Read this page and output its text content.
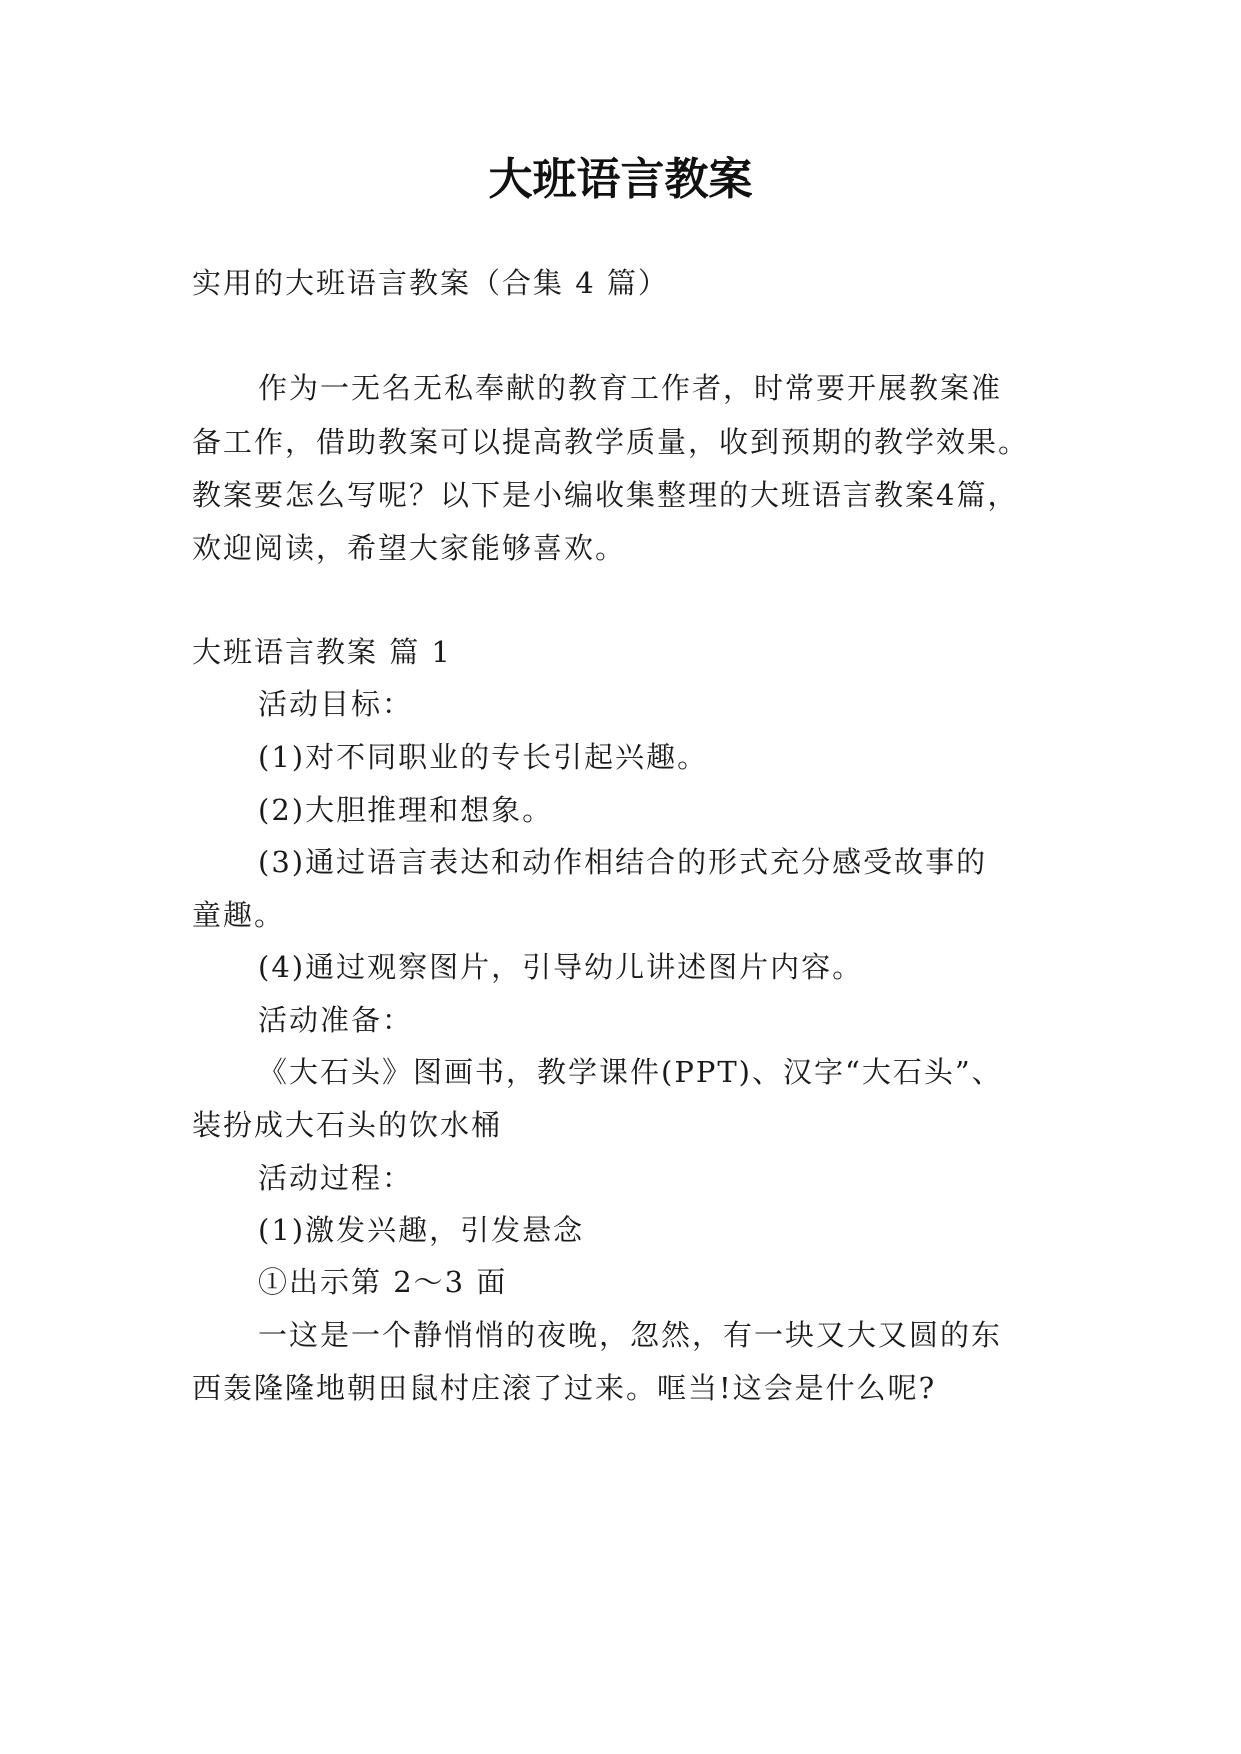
大班语言教案

实用的大班语言教案（合集 4 篇）

作为一无名无私奉献的教育工作者，时常要开展教案准

备工作，借助教案可以提高教学质量，收到预期的教学效果。

教案要怎么写呢？以下是小编收集整理的大班语言教案4篇，

欢迎阅读，希望大家能够喜欢。

大班语言教案 篇 1

活动目标：

(1)对不同职业的专长引起兴趣。

(2)大胆推理和想象。

(3)通过语言表达和动作相结合的形式充分感受故事的

童趣。

(4)通过观察图片，引导幼儿讲述图片内容。

活动准备：

《大石头》图画书，教学课件(PPT)、汉字“大石头”、

装扮成大石头的饮水桶

活动过程：

(1)激发兴趣，引发悬念

①出示第 2～3 面

一这是一个静悄悄的夜晚，忽然，有一块又大又圆的东

西轰隆隆地朝田鼠村庄滚了过来。哐当!这会是什么呢?
